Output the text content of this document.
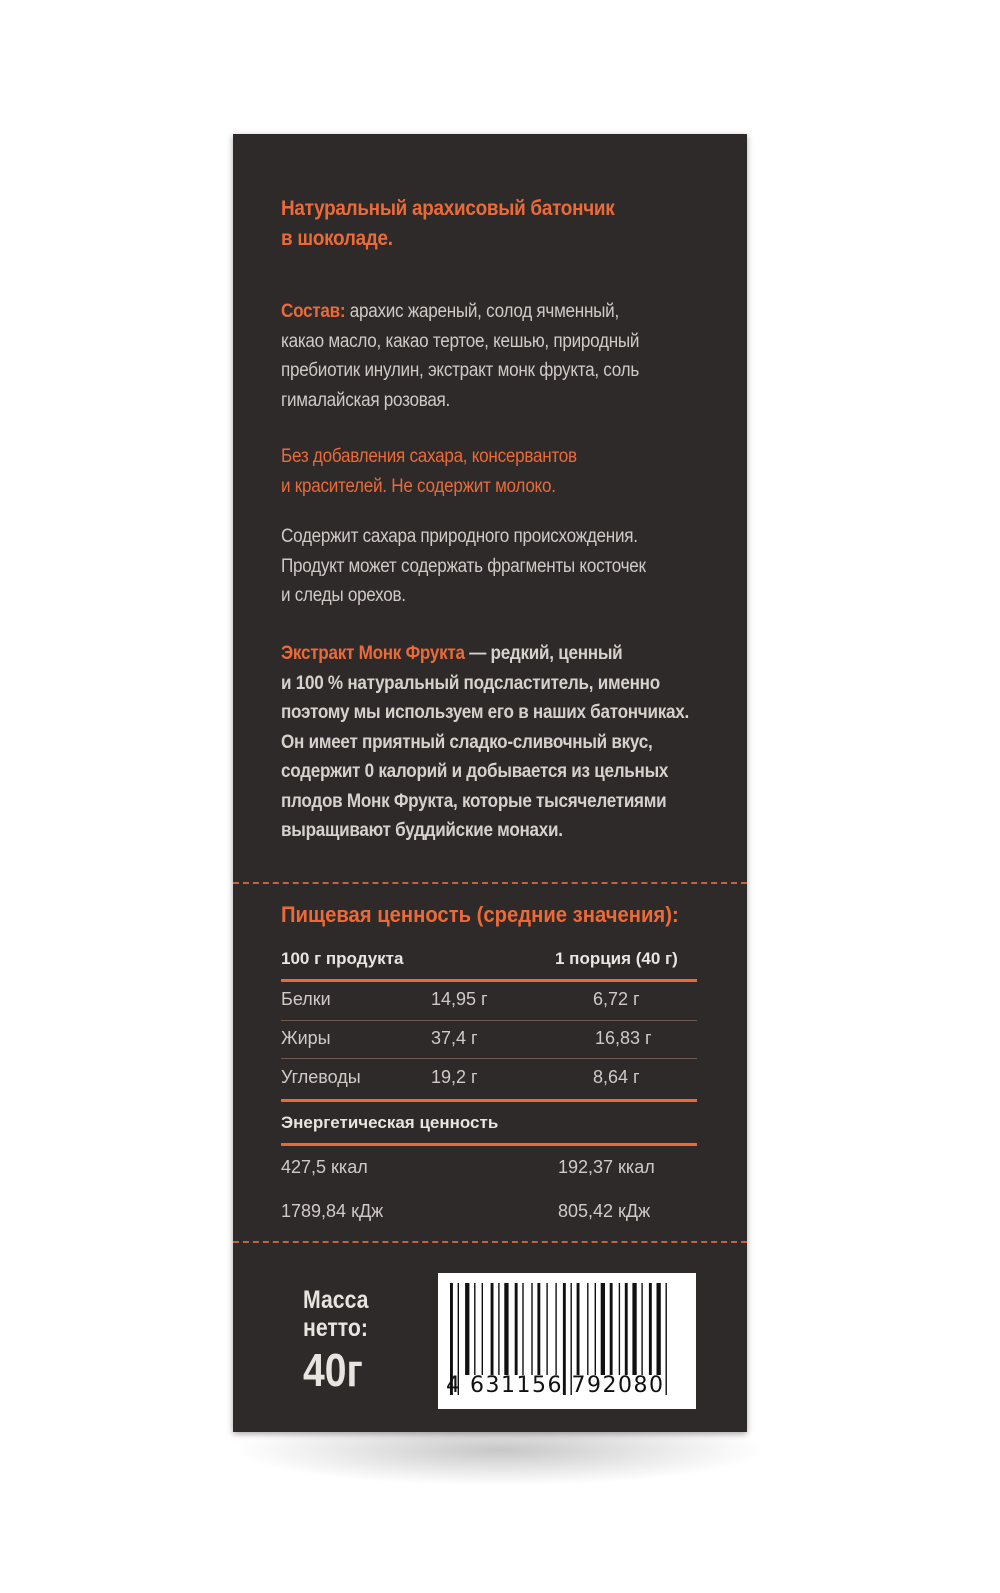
Натуральный арахисовый батончик
в шоколаде.
Состав: арахис жареный, солод ячменный,
какао масло, какао тертое, кешью, природный
пребиотик инулин, экстракт монк фрукта, соль
гималайская розовая.
Без добавления сахара, консервантов
и красителей. Не содержит молоко.
Содержит сахара природного происхождения.
Продукт может содержать фрагменты косточек
и следы орехов.
Экстракт Монк Фрукта — редкий, ценный
и 100 % натуральный подсластитель, именно
поэтому мы используем его в наших батончиках.
Он имеет приятный сладко-сливочный вкус,
содержит 0 калорий и добывается из цельных
плодов Монк Фрукта, которые тысячелетиями
выращивают буддийские монахи.
Пищевая ценность (средние значения):
100 г продукта	1 порция (40 г)
Белки	14,95 г	6,72 г
Жиры	37,4 г	16,83 г
Углеводы	19,2 г	8,64 г
Энергетическая ценность
427,5 ккал	192,37 ккал
1789,84 кДж	805,42 кДж
Масса
нетто:
40г	4 631156 792080
